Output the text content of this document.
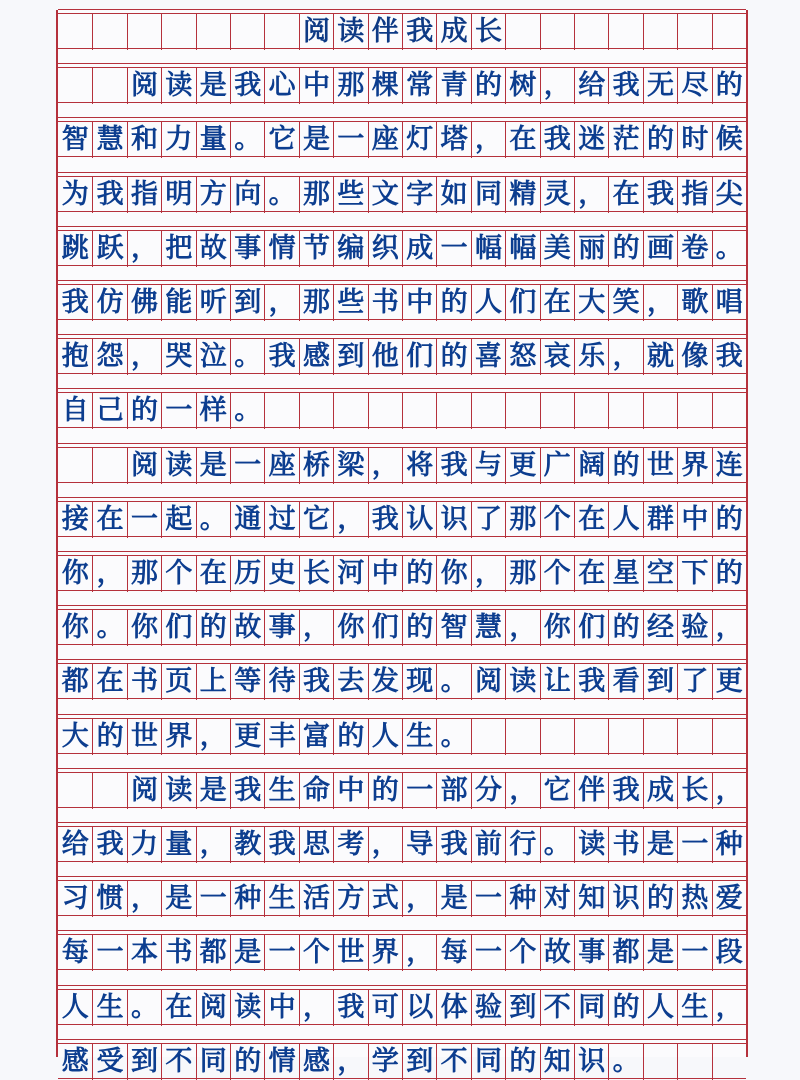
阅 读 伴 我 成 长
阅 读 是 我 心 中 那 棵 常 青 的 树 ， 给 我 无 尽 的
智 慧 和 力 量 。 它 是 一 座 灯 塔 ， 在 我 迷 茫 的 时 候
为 我 指 明 方 向 。 那 些 文 字 如 同 精 灵 ， 在 我 指 尖
跳 跃 ， 把 故 事 情 节 编 织 成 一 幅 幅 美 丽 的 画 卷 。
我 仿 佛 能 听 到 ， 那 些 书 中 的 人 们 在 大 笑 ， 歌 唱
抱 怨 ， 哭 泣 。 我 感 到 他 们 的 喜 怒 哀 乐 ， 就 像 我
自 己 的 一 样 。
阅 读 是 一 座 桥 梁 ， 将 我 与 更 广 阔 的 世 界 连
接 在 一 起 。 通 过 它 ， 我 认 识 了 那 个 在 人 群 中 的
你 ， 那 个 在 历 史 长 河 中 的 你 ， 那 个 在 星 空 下 的
你 。 你 们 的 故 事 ， 你 们 的 智 慧 ， 你 们 的 经 验 ，
都 在 书 页 上 等 待 我 去 发 现 。 阅 读 让 我 看 到 了 更
大 的 世 界 ， 更 丰 富 的 人 生 。
阅 读 是 我 生 命 中 的 一 部 分 ， 它 伴 我 成 长 ，
给 我 力 量 ， 教 我 思 考 ， 导 我 前 行 。 读 书 是 一 种
习 惯 ， 是 一 种 生 活 方 式 ， 是 一 种 对 知 识 的 热 爱
每 一 本 书 都 是 一 个 世 界 ， 每 一 个 故 事 都 是 一 段
人 生 。 在 阅 读 中 ， 我 可 以 体 验 到 不 同 的 人 生 ，
感 受 到 不 同 的 情 感 ， 学 到 不 同 的 知 识 。
